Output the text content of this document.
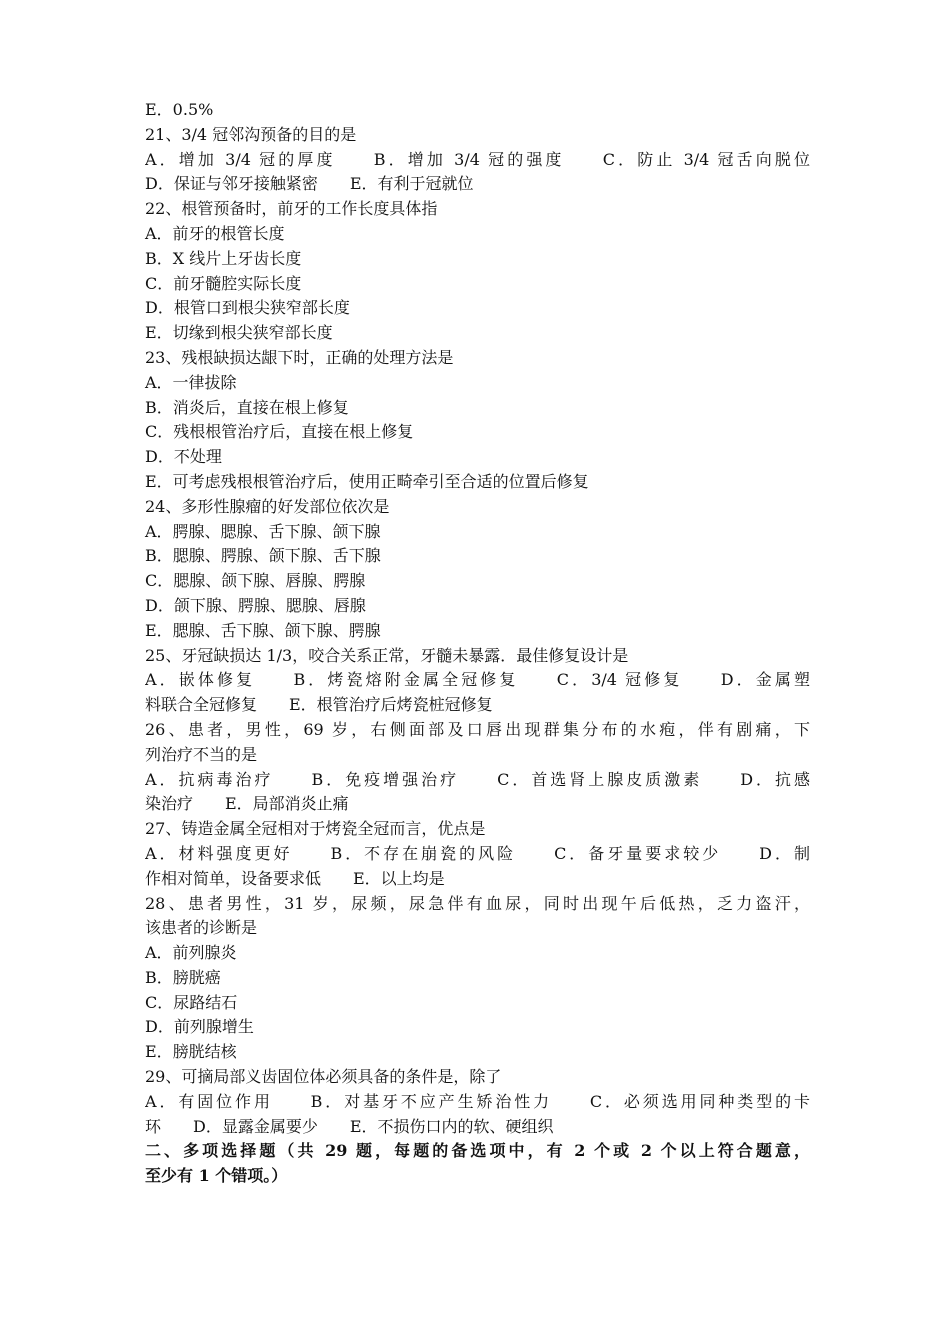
E．0.5%
21、3/4 冠邻沟预备的目的是
A．增加 3/4 冠的厚度　　B．增加 3/4 冠的强度　　C．防止 3/4 冠舌向脱位
D．保证与邻牙接触紧密　　E．有利于冠就位
22、根管预备时，前牙的工作长度具体指
A．前牙的根管长度
B．X 线片上牙齿长度
C．前牙髓腔实际长度
D．根管口到根尖狭窄部长度
E．切缘到根尖狭窄部长度
23、残根缺损达龈下时，正确的处理方法是
A．一律拔除
B．消炎后，直接在根上修复
C．残根根管治疗后，直接在根上修复
D．不处理
E．可考虑残根根管治疗后，使用正畸牵引至合适的位置后修复
24、多形性腺瘤的好发部位依次是
A．腭腺、腮腺、舌下腺、颌下腺
B．腮腺、腭腺、颌下腺、舌下腺
C．腮腺、颌下腺、唇腺、腭腺
D．颌下腺、腭腺、腮腺、唇腺
E．腮腺、舌下腺、颌下腺、腭腺
25、牙冠缺损达 1/3，咬合关系正常，牙髓未暴露．最佳修复设计是
A．嵌体修复　　B．烤瓷熔附金属全冠修复　　C．3/4 冠修复　　D．金属塑
料联合全冠修复　　E．根管治疗后烤瓷桩冠修复
26、患者，男性，69 岁，右侧面部及口唇出现群集分布的水疱，伴有剧痛，下
列治疗不当的是
A．抗病毒治疗　　B．免疫增强治疗　　C．首选肾上腺皮质激素　　D．抗感
染治疗　　E．局部消炎止痛
27、铸造金属全冠相对于烤瓷全冠而言，优点是
A．材料强度更好　　B．不存在崩瓷的风险　　C．备牙量要求较少　　D．制
作相对简单，设备要求低　　E．以上均是
28、患者男性，31 岁，尿频，尿急伴有血尿，同时出现午后低热，乏力盗汗，
该患者的诊断是
A．前列腺炎
B．膀胱癌
C．尿路结石
D．前列腺增生
E．膀胱结核
29、可摘局部义齿固位体必须具备的条件是，除了
A．有固位作用　　B．对基牙不应产生矫治性力　　C．必须选用同种类型的卡
环　　D．显露金属要少　　E．不损伤口内的软、硬组织
二、多项选择题（共 29 题，每题的备选项中，有 2 个或 2 个以上符合题意，
至少有 1 个错项。）
